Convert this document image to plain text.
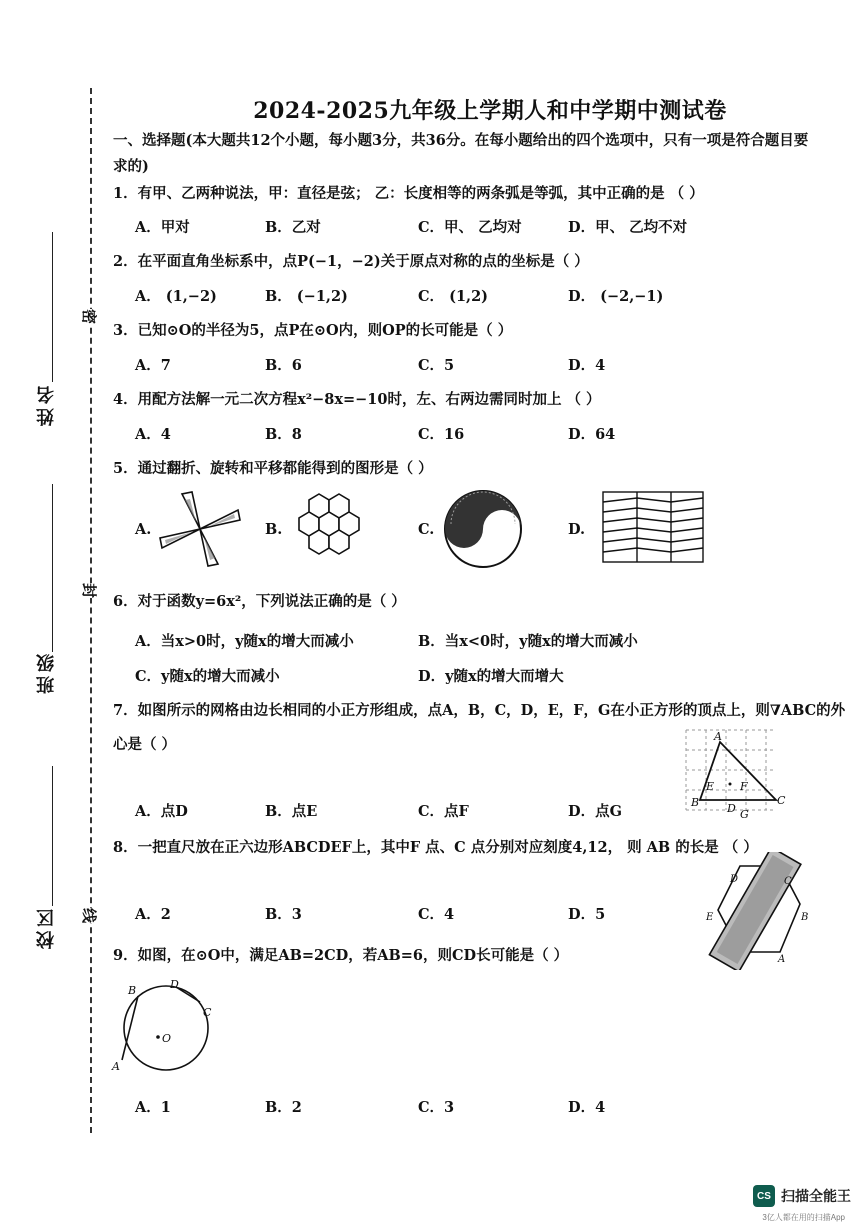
姓名
班级
校区
密
封
线
2024-2025九年级上学期人和中学期中测试卷
一、选择题(本大题共12个小题，每小题3分，共36分。在每小题给出的四个选项中，只有一项是符合题目要
求的)
1．有甲、乙两种说法，甲：直径是弦； 乙：长度相等的两条弧是等弧，其中正确的是 （ ）
A．甲对	B．乙对	C．甲、 乙均对	D．甲、 乙均不对
2．在平面直角坐标系中，点P(−1，−2)关于原点对称的点的坐标是（ ）
A． (1,−2)	B． (−1,2)	C． (1,2)	D． (−2,−1)
3．已知⊙O的半径为5，点P在⊙O内，则OP的长可能是（ ）
A．7	B．6	C．5	D．4
4．用配方法解一元二次方程x²−8x=−10时，左、右两边需同时加上 （ ）
A．4	B．8	C．16	D．64
5．通过翻折、旋转和平移都能得到的图形是（ ）
A.	B.	C.	D.
6．对于函数y=6x²，下列说法正确的是（ ）
A．当x>0时，y随x的增大而减小	B．当x<0时，y随x的增大而减小
C．y随x的增大而减小	D．y随x的增大而增大
7．如图所示的网格由边长相同的小正方形组成，点A，B，C，D，E，F，G在小正方形的顶点上，则∇ABC的外
心是（ ）	A
B
E F
C
D G
A．点D	B．点E	C．点F	D．点G
8．一把直尺放在正六边形ABCDEF上，其中F 点、C 点分别对应刻度4,12， 则 AB 的长是 （ ）
D	C
E	B
A
A．2	B．3	C．4	D．5
9．如图，在⊙O中，满足AB=2CD，若AB=6，则CD长可能是（ ）
B	D
C
O
A
A．1	B．2	C．3	D．4
CS 扫描全能王
3亿人都在用的扫描App
